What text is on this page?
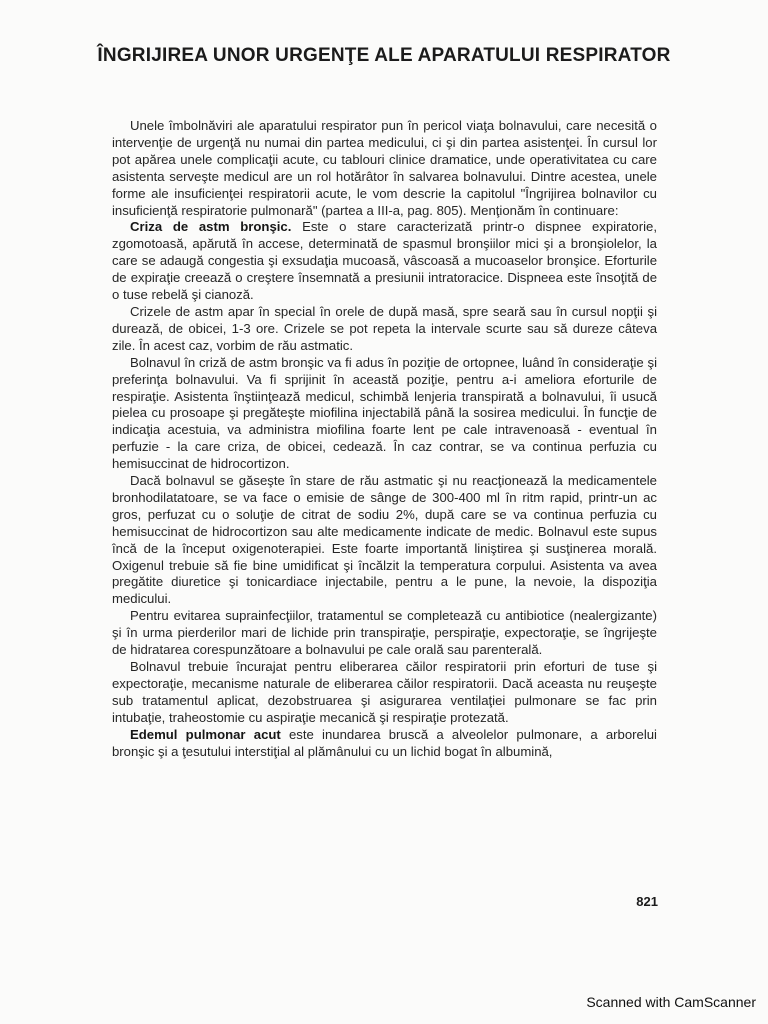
ÎNGRIJIREA UNOR URGENŢE ALE APARATULUI RESPIRATOR

Unele îmbolnăviri ale aparatului respirator pun în pericol viaţa bolnavului, care necesită o intervenţie de urgenţă nu numai din partea medicului, ci şi din partea asistenţei. În cursul lor pot apărea unele complicaţii acute, cu tablouri clinice dramatice, unde operativitatea cu care asistenta serveşte medicul are un rol hotărâtor în salvarea bolnavului. Dintre acestea, unele forme ale insuficienţei respiratorii acute, le vom descrie la capitolul "Îngrijirea bolnavilor cu insuficienţă respiratorie pulmonară" (partea a III-a, pag. 805). Menţionăm în continuare:

Criza de astm bronşic. Este o stare caracterizată printr-o dispnee expiratorie, zgomotoasă, apărută în accese, determinată de spasmul bronşiilor mici şi a bronşiolelor, la care se adaugă congestia şi exsudaţia mucoasă, vâscoasă a mucoaselor bronşice. Eforturile de expiraţie creează o creştere însemnată a presiunii intratoracice. Dispneea este însoţită de o tuse rebelă şi cianoză.

Crizele de astm apar în special în orele de după masă, spre seară sau în cursul nopţii şi durează, de obicei, 1-3 ore. Crizele se pot repeta la intervale scurte sau să dureze câteva zile. În acest caz, vorbim de rău astmatic.

Bolnavul în criză de astm bronşic va fi adus în poziţie de ortopnee, luând în consideraţie şi preferinţa bolnavului. Va fi sprijinit în această poziţie, pentru a-i ameliora eforturile de respiraţie. Asistenta înştiinţează medicul, schimbă lenjeria transpirată a bolnavului, îi usucă pielea cu prosoape şi pregăteşte miofilina injectabilă până la sosirea medicului. În funcţie de indicaţia acestuia, va administra miofilina foarte lent pe cale intravenoasă - eventual în perfuzie - la care criza, de obicei, cedează. În caz contrar, se va continua perfuzia cu hemisuccinat de hidrocortizon.

Dacă bolnavul se găseşte în stare de rău astmatic şi nu reacţionează la medicamentele bronhodilatatoare, se va face o emisie de sânge de 300-400 ml în ritm rapid, printr-un ac gros, perfuzat cu o soluţie de citrat de sodiu 2%, după care se va continua perfuzia cu hemisuccinat de hidrocortizon sau alte medicamente indicate de medic. Bolnavul este supus încă de la început oxigenoterapiei. Este foarte importantă liniştirea şi susţinerea morală. Oxigenul trebuie să fie bine umidificat şi încălzit la temperatura corpului. Asistenta va avea pregătite diuretice şi tonicardiace injectabile, pentru a le pune, la nevoie, la dispoziţia medicului.

Pentru evitarea suprainfecţiilor, tratamentul se completează cu antibiotice (nealergizante) şi în urma pierderilor mari de lichide prin transpiraţie, perspiraţie, expectoraţie, se îngrijeşte de hidratarea corespunzătoare a bolnavului pe cale orală sau parenterală.

Bolnavul trebuie încurajat pentru eliberarea căilor respiratorii prin eforturi de tuse şi expectoraţie, mecanisme naturale de eliberarea căilor respiratorii. Dacă aceasta nu reuşeşte sub tratamentul aplicat, dezobstruarea şi asigurarea ventilaţiei pulmonare se fac prin intubaţie, traheostomie cu aspiraţie mecanică şi respiraţie protezată.

Edemul pulmonar acut este inundarea bruscă a alveolelor pulmonare, a arborelui bronşic şi a ţesutului interstiţial al plămânului cu un lichid bogat în albumină,

821
Scanned with CamScanner
